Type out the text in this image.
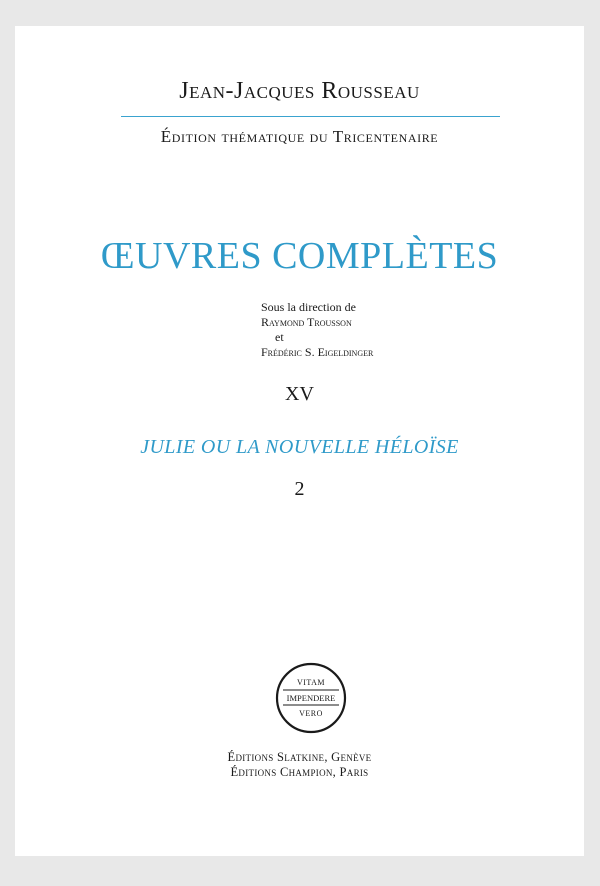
Jean-Jacques Rousseau
Édition thématique du Tricentenaire
ŒUVRES COMPLÈTES
Sous la direction de
Raymond Trousson
et
Frédéric S. Eigeldinger
XV
JULIE OU LA NOUVELLE HÉLOÏSE
2
VITAM
IMPENDERE
VERO
Éditions Slatkine, Genève
Éditions Champion, Paris
